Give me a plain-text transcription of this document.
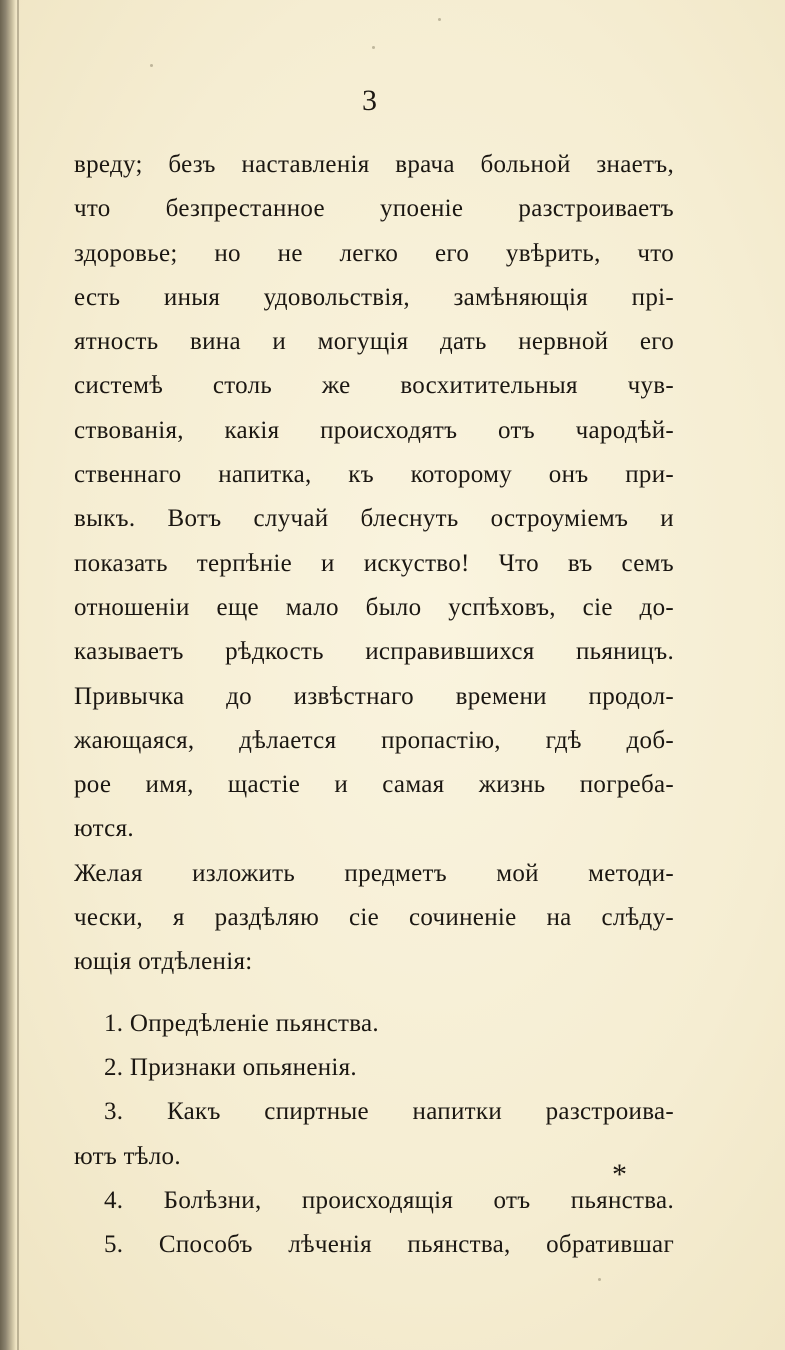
3
вреду; безъ наставленія врача больной знаетъ,
что безпрестанное упоеніе разстроиваетъ
здоровье; но не легко его увѣрить, что
есть иныя удовольствія, замѣняющія прі-
ятность вина и могущія дать нервной его
системѣ столь же восхитительныя чув-
ствованія, какія происходятъ отъ чародѣй-
ственнаго напитка, къ которому онъ при-
выкъ. Вотъ случай блеснуть остроуміемъ и
показать терпѣніе и искуство! Что въ семъ
отношеніи еще мало было успѣховъ, сіе до-
казываетъ рѣдкость исправившихся пьяницъ.
Привычка до извѣстнаго времени продол-
жающаяся, дѣлается пропастію, гдѣ доб-
рое имя, щастіе и самая жизнь погреба-
ются.
Желая изложить предметъ мой методи-
чески, я раздѣляю сіе сочиненіе на слѣду-
ющія отдѣленія:
1. Опредѣленіе пьянства.
2. Признаки опьяненія.
3. Какъ спиртные напитки разстроива-
ютъ тѣло.
4. Болѣзни, происходящія отъ пьянства.
5. Способъ лѣченія пьянства, обратившаг
*
